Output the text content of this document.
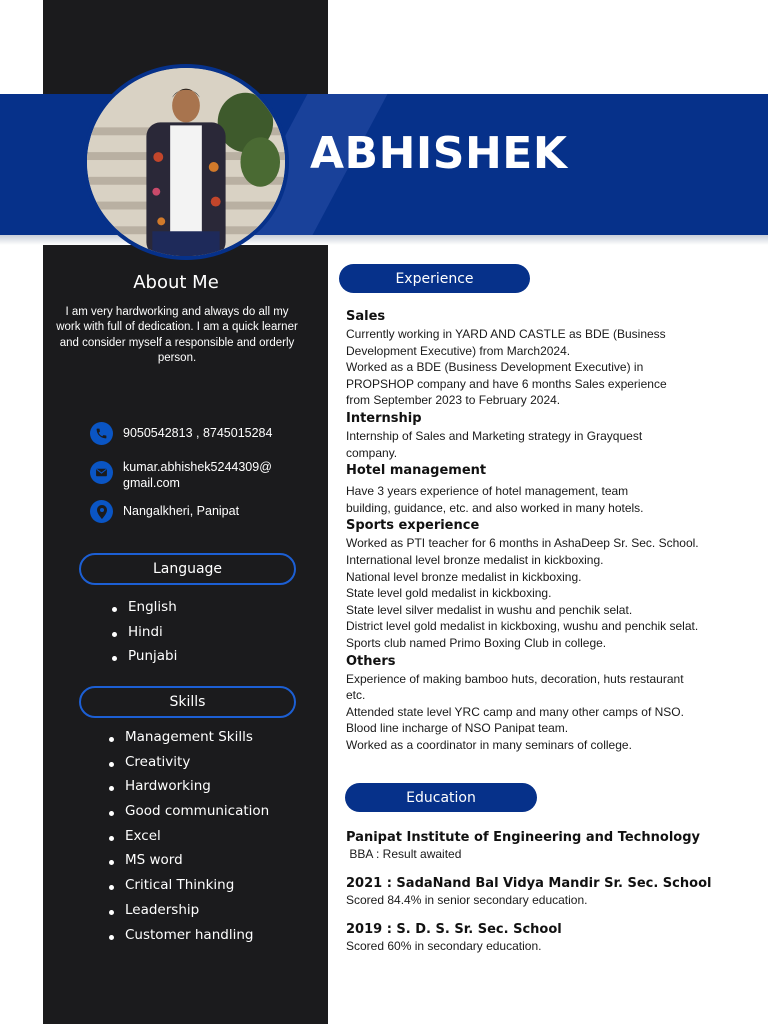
ABHISHEK
About Me
I am very hardworking and always do all my work with full of dedication. I am a quick learner and consider myself a responsible and orderly person.
9050542813 , 8745015284
kumar.abhishek5244309@
gmail.com
Nangalkheri, Panipat
Language
English
Hindi
Punjabi
Skills
Management Skills
Creativity
Hardworking
Good communication
Excel
MS word
Critical Thinking
Leadership
Customer handling
Experience
Sales
Currently working in YARD AND CASTLE as BDE (Business
Development Executive) from March2024.
Worked as a BDE (Business Development Executive) in
PROPSHOP company and have 6 months Sales experience
from September 2023 to February 2024.
Internship
Internship of Sales and Marketing strategy in Grayquest
company.
Hotel management
Have 3 years experience of hotel management, team
building, guidance, etc. and also worked in many hotels.
Sports experience
Worked as PTI teacher for 6 months in AshaDeep Sr. Sec. School.
International level bronze medalist in kickboxing.
National level bronze medalist in kickboxing.
State level gold medalist in kickboxing.
State level silver medalist in wushu and penchik selat.
District level gold medalist in kickboxing, wushu and penchik selat.
Sports club named Primo Boxing Club in college.
Others
Experience of making bamboo huts, decoration, huts restaurant
etc.
Attended state level YRC camp and many other camps of NSO.
Blood line incharge of NSO Panipat team.
Worked as a coordinator in many seminars of college.
Education
Panipat Institute of Engineering and Technology
BBA : Result awaited
2021 : SadaNand Bal Vidya Mandir Sr. Sec. School
Scored 84.4% in senior secondary education.
2019 : S. D. S. Sr. Sec. School
Scored 60% in secondary education.
